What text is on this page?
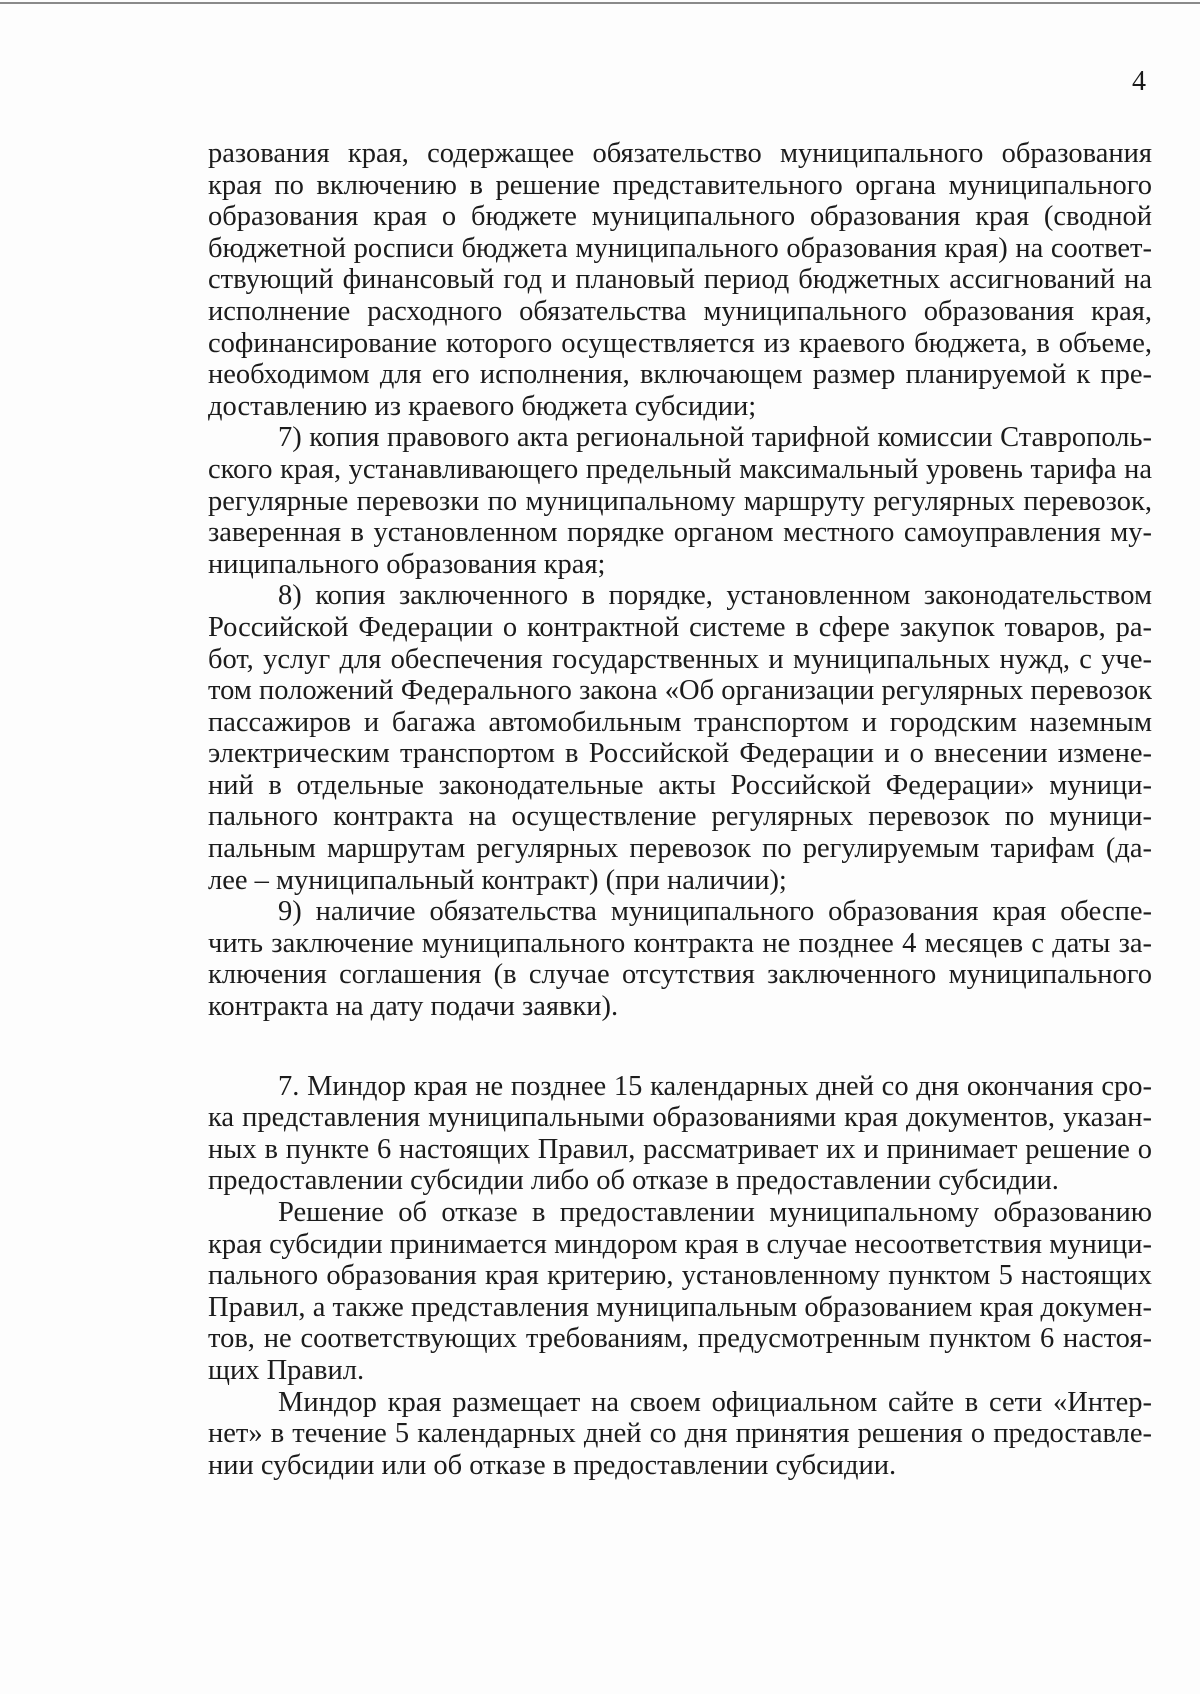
4

разования края, содержащее обязательство муниципального образования края по включению в решение представительного органа муниципального образования края о бюджете муниципального образования края (сводной бюджетной росписи бюджета муниципального образования края) на соответствующий финансовый год и плановый период бюджетных ассигнований на исполнение расходного обязательства муниципального образования края, софинансирование которого осуществляется из краевого бюджета, в объеме, необходимом для его исполнения, включающем размер планируемой к предоставлению из краевого бюджета субсидии;

7) копия правового акта региональной тарифной комиссии Ставропольского края, устанавливающего предельный максимальный уровень тарифа на регулярные перевозки по муниципальному маршруту регулярных перевозок, заверенная в установленном порядке органом местного самоуправления муниципального образования края;

8) копия заключенного в порядке, установленном законодательством Российской Федерации о контрактной системе в сфере закупок товаров, работ, услуг для обеспечения государственных и муниципальных нужд, с учетом положений Федерального закона «Об организации регулярных перевозок пассажиров и багажа автомобильным транспортом и городским наземным электрическим транспортом в Российской Федерации и о внесении изменений в отдельные законодательные акты Российской Федерации» муниципального контракта на осуществление регулярных перевозок по муниципальным маршрутам регулярных перевозок по регулируемым тарифам (далее – муниципальный контракт) (при наличии);

9) наличие обязательства муниципального образования края обеспечить заключение муниципального контракта не позднее 4 месяцев с даты заключения соглашения (в случае отсутствия заключенного муниципального контракта на дату подачи заявки).

7. Миндор края не позднее 15 календарных дней со дня окончания срока представления муниципальными образованиями края документов, указанных в пункте 6 настоящих Правил, рассматривает их и принимает решение о предоставлении субсидии либо об отказе в предоставлении субсидии.

Решение об отказе в предоставлении муниципальному образованию края субсидии принимается миндором края в случае несоответствия муниципального образования края критерию, установленному пунктом 5 настоящих Правил, а также представления муниципальным образованием края документов, не соответствующих требованиям, предусмотренным пунктом 6 настоящих Правил.

Миндор края размещает на своем официальном сайте в сети «Интернет» в течение 5 календарных дней со дня принятия решения о предоставлении субсидии или об отказе в предоставлении субсидии.
